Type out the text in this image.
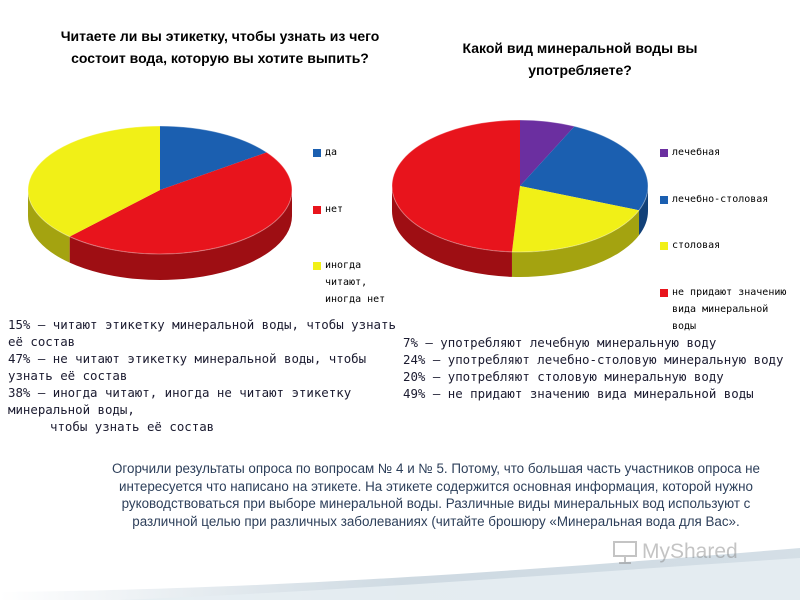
Читаете ли вы этикетку, чтобы узнать из чего состоит вода, которую вы хотите выпить?
Какой вид минеральной воды вы употребляете?
да
нет
иногда читают, иногда нет
лечебная
лечебно-столовая
столовая
не придают значению вида минеральной воды
15% – читают этикетку минеральной воды, чтобы узнать её состав
47% – не читают этикетку минеральной воды, чтобы узнать её состав
38% – иногда читают, иногда не читают этикетку минеральной воды,
чтобы узнать её состав
7% – употребляют лечебную минеральную воду
24% – употребляют лечебно-столовую минеральную воду
20% – употребляют столовую минеральную воду
49% – не придают значению вида минеральной воды
Огорчили результаты опроса по вопросам № 4 и № 5. Потому, что большая часть участников опроса не интересуется что написано на этикете. На этикете содержится основная информация, которой нужно руководствоваться при выборе минеральной воды. Различные виды минеральных вод используют с различной целью при различных заболеваниях (читайте брошюру «Минеральная вода для Вас».
MyShared
